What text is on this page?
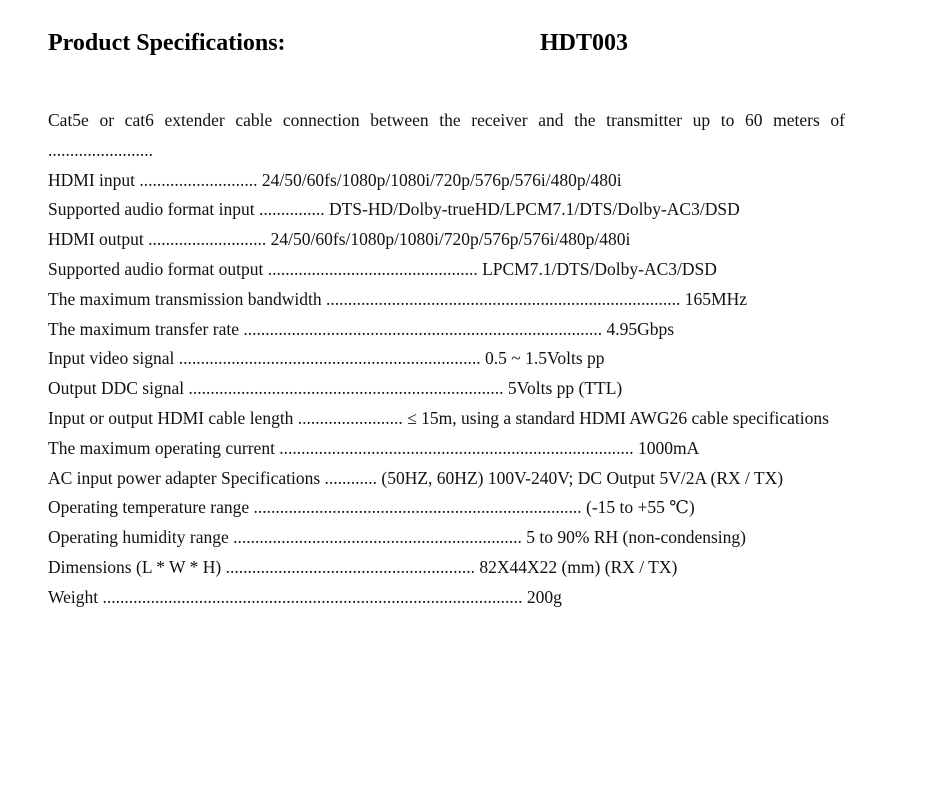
Product Specifications:	HDT003

Cat5e or cat6 extender cable connection between the receiver and the transmitter up to 60 meters of ........................

HDMI input ........................... 24/50/60fs/1080p/1080i/720p/576p/576i/480p/480i

Supported audio format input ............... DTS-HD/Dolby-trueHD/LPCM7.1/DTS/Dolby-AC3/DSD

HDMI output ........................... 24/50/60fs/1080p/1080i/720p/576p/576i/480p/480i

Supported audio format output ................................................ LPCM7.1/DTS/Dolby-AC3/DSD

The maximum transmission bandwidth ................................................................................. 165MHz

The maximum transfer rate .................................................................................. 4.95Gbps

Input video signal ..................................................................... 0.5 ~ 1.5Volts pp

Output DDC signal ........................................................................ 5Volts pp (TTL)

Input or output HDMI cable length ........................ ≤ 15m, using a standard HDMI AWG26 cable specifications

The maximum operating current ................................................................................. 1000mA

AC input power adapter Specifications ............ (50HZ, 60HZ) 100V-240V; DC Output 5V/2A (RX / TX)

Operating temperature range ........................................................................... (-15 to +55 ℃)

Operating humidity range .................................................................. 5 to 90% RH (non-condensing)

Dimensions (L * W * H) ......................................................... 82X44X22 (mm) (RX / TX)

Weight ................................................................................................ 200g
